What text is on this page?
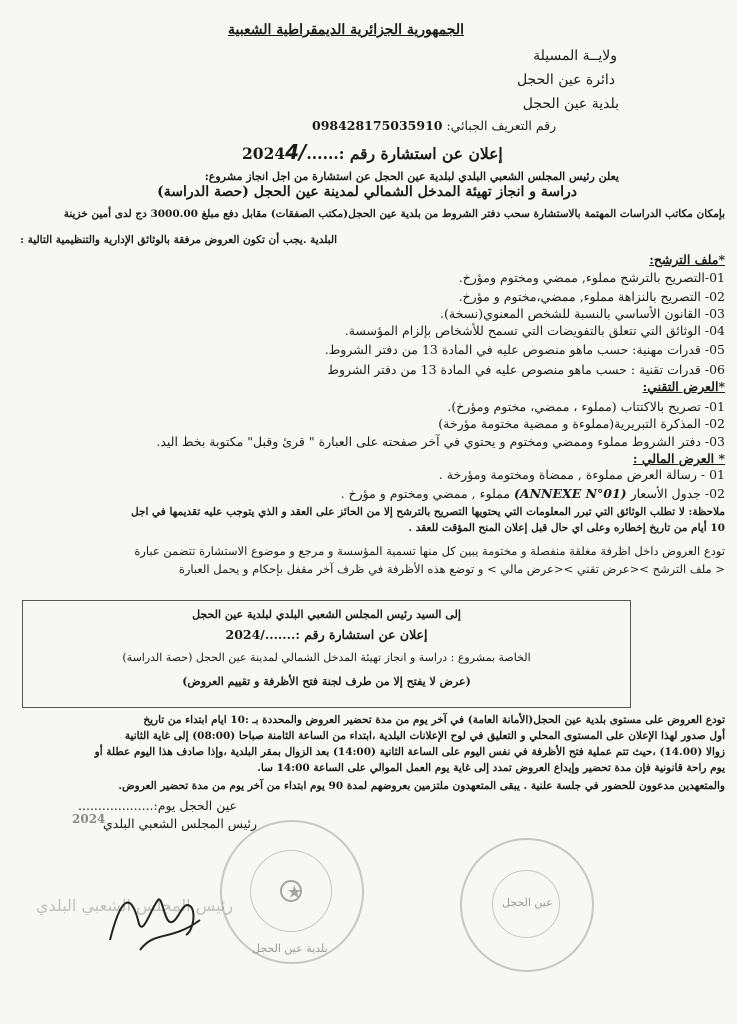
الجمهورية الجزائرية الديمقراطية الشعبية
ولايــة المسيلة
دائرة عين الحجل
بلدية عين الحجل
098428175035910 رقم التعريف الجبائي:
20244/إعلان عن استشارة رقم :......
يعلن رئيس المجلس الشعبي البلدي لبلدية عين الحجل عن استشارة من اجل انجاز مشروع:
دراسة و انجاز تهيئة المدخل الشمالي لمدينة عين الحجل (حصة الدراسة)
بإمكان مكاتب الدراسات المهتمة بالاستشارة سحب دفتر الشروط من بلدية عين الحجل(مكتب الصفقات) مقابل دفع مبلغ 3000.00 دج لدى أمين خزينة
البلدية .يجب أن تكون العروض مرفقة بالوثائق الإدارية والتنظيمية التالية :
*ملف الترشح:
01-التصريح بالترشح مملوء, ممضي ومختوم ومؤرخ.
02- التصريح بالنزاهة مملوء, ممضي،مختوم و مؤرخ.
03- القانون الأساسي بالنسبة للشخص المعنوي(نسخة).
04- الوثائق التي تتعلق بالتفويضات التي تسمح للأشخاص بإلزام المؤسسة.
05- قدرات مهنية: حسب ماهو منصوص عليه في المادة 13 من دفتر الشروط.
06- قدرات تقنية : حسب ماهو منصوص عليه في المادة 13 من دفتر الشروط
*العرض التقني:
01- تصريح بالاكتتاب (مملوء ، ممضي، مختوم ومؤرخ).
02- المذكرة التبريرية(مملوءة و ممضية مختومة مؤرخة)
03- دفتر الشروط مملوء وممضي ومختوم و يحتوي في آخر صفحته على العبارة " قرئ وقبل" مكتوبة بخط اليد.
* العرض المالي :
01 - رسالة العرض مملوءة , ممضاة ومختومة ومؤرخة .
02- جدول الأسعار (ANNEXE N°01) مملوء , ممضي ومختوم و مؤرخ .
ملاحظة: لا تطلب الوثائق التي تبرر المعلومات التي يحتويها التصريح بالترشح إلا من الحائز على العقد و الذي يتوجب عليه تقديمها في اجل
10 أيام من تاريخ إخطاره وعلى اي حال قبل إعلان المنح المؤقت للعقد .
تودع العروض داخل اظرفة مغلقة منفصلة و مختومة يبين كل منها تسمية المؤسسة و مرجع و موضوع الاستشارة تتضمن عبارة
< ملف الترشح ><عرض تقني ><عرض مالي > و توضع هذه الأظرفة في ظرف آخر مقفل بإحكام و يحمل العبارة
إلى السيد رئيس المجلس الشعبي البلدي لبلدية عين الحجل
إعلان عن استشارة رقم :......./2024
الخاصة بمشروع : دراسة و انجاز تهيئة المدخل الشمالي لمدينة عين الحجل (حصة الدراسة)
(عرض لا يفتح إلا من طرف لجنة فتح الأظرفة و تقييم العروض)
تودع العروض على مستوى بلدية عين الحجل(الأمانة العامة) في آخر يوم من مدة تحضير العروض والمحددة بـ :10 ايام ابتداء من تاريخ
أول صدور لهذا الإعلان على المستوى المحلي و التعليق في لوح الإعلانات البلدية ،ابتداء من الساعة الثامنة صباحا (08:00) إلى غاية الثانية
زوالا (14.00) ،حيث تتم عملية فتح الأظرفة في نفس اليوم على الساعة الثانية (14:00) بعد الزوال بمقر البلدية ،وإذا صادف هذا اليوم عطلة أو
يوم راحة قانونية فإن مدة تحضير وإيداع العروض تمدد إلى غاية يوم العمل الموالي على الساعة 14:00 سا.
والمتعهدين مدعوون للحضور في جلسة علنية . يبقى المتعهدون ملتزمين بعروضهم لمدة 90 يوم ابتداء من آخر يوم من مدة تحضير العروض.
عين الحجل يوم:...................
2024
رئيس المجلس الشعبي البلدي
بلدية عين الحجل
رئيس المجلس الشعبي البلدي	عين الحجل
